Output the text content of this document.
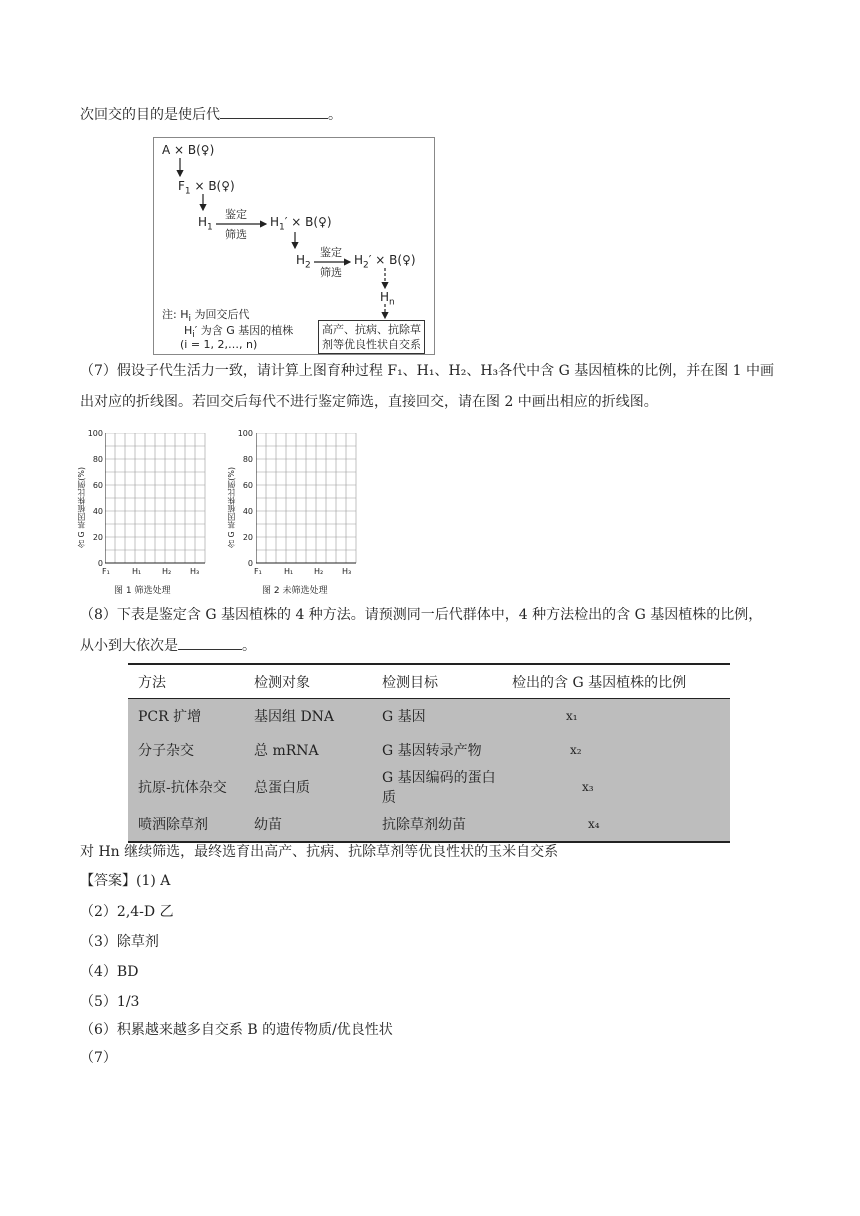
次回交的目的是使后代	。
A × B(♀)
$F_1$ × B(♀)
$H_1$
鉴定
筛选
$H_1'$ × B(♀)
$H_2$
鉴定
筛选
$H_2'$ × B(♀)
$H_n$
注: $H_i$ 为回交后代
$H_i'$ 为含 G 基因的植株
(i = 1, 2,…, n)
高产、抗病、抗除草
剂等优良性状自交系
（7）假设子代生活力一致，请计算上图育种过程 F₁、H₁、H₂、H₃各代中含 G 基因植株的比例，并在图 1 中画
出对应的折线图。若回交后每代不进行鉴定筛选，直接回交，请在图 2 中画出相应的折线图。
含 G 基因植株比例(%)
100
80
60
40
20
0
F₁	H₁	H₂ H₃
图 1 筛选处理
含 G 基因植株比例(%)
100
80
60
40
20
0
F₁	H₁	H₂ H₃
图 2 未筛选处理
（8）下表是鉴定含 G 基因植株的 4 种方法。请预测同一后代群体中，4 种方法检出的含 G 基因植株的比例，
从小到大依次是	。
方法	检测对象	检测目标	检出的含 G 基因植株的比例
PCR 扩增	基因组 DNA	G 基因	x₁
分子杂交	总 mRNA	G 基因转录产物	x₂
抗原-抗体杂交	总蛋白质	G 基因编码的蛋白质	x₃
喷洒除草剂	幼苗	抗除草剂幼苗	x₄
对 Hn 继续筛选，最终选育出高产、抗病、抗除草剂等优良性状的玉米自交系
【答案】(1) A
（2）2,4-D 乙
（3）除草剂
（4）BD
（5）1/3
（6）积累越来越多自交系 B 的遗传物质/优良性状
（7）
